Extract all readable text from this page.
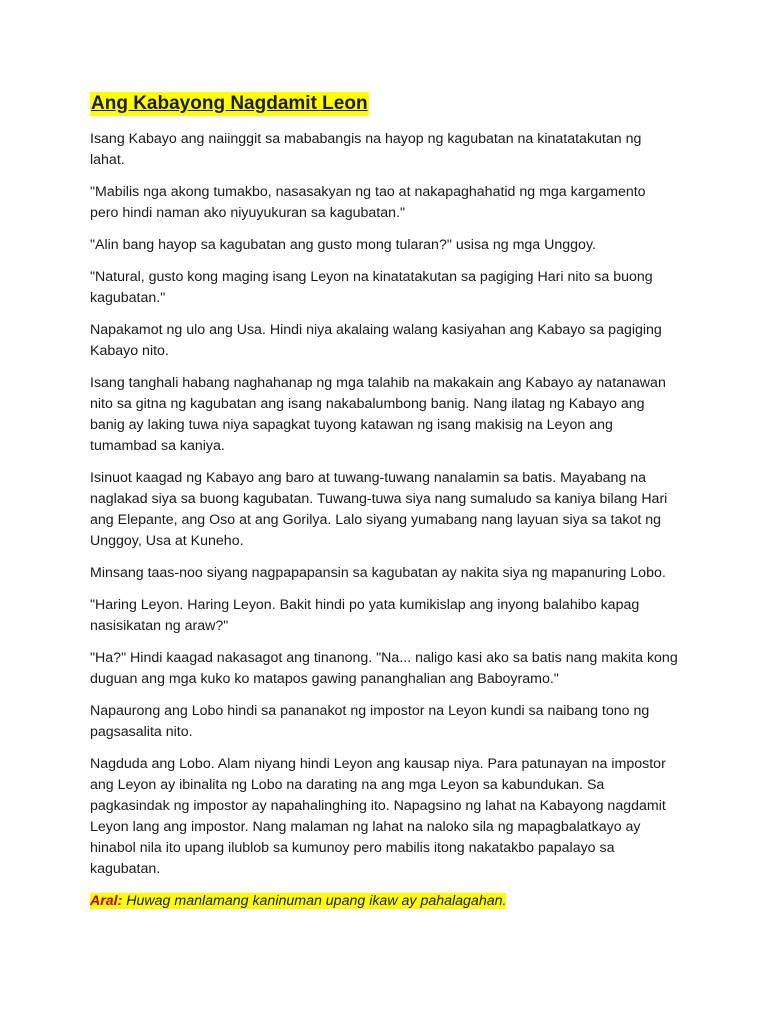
Ang Kabayong Nagdamit Leon
Isang Kabayo ang naiinggit sa mababangis na hayop ng kagubatan na kinatatakutan ng
lahat.
"Mabilis nga akong tumakbo, nasasakyan ng tao at nakapaghahatid ng mga kargamento
pero hindi naman ako niyuyukuran sa kagubatan."
"Alin bang hayop sa kagubatan ang gusto mong tularan?" usisa ng mga Unggoy.
"Natural, gusto kong maging isang Leyon na kinatatakutan sa pagiging Hari nito sa buong
kagubatan."
Napakamot ng ulo ang Usa. Hindi niya akalaing walang kasiyahan ang Kabayo sa pagiging
Kabayo nito.
Isang tanghali habang naghahanap ng mga talahib na makakain ang Kabayo ay natanawan
nito sa gitna ng kagubatan ang isang nakabalumbong banig. Nang ilatag ng Kabayo ang
banig ay laking tuwa niya sapagkat tuyong katawan ng isang makisig na Leyon ang
tumambad sa kaniya.
Isinuot kaagad ng Kabayo ang baro at tuwang-tuwang nanalamin sa batis. Mayabang na
naglakad siya sa buong kagubatan. Tuwang-tuwa siya nang sumaludo sa kaniya bilang Hari
ang Elepante, ang Oso at ang Gorilya. Lalo siyang yumabang nang layuan siya sa takot ng
Unggoy, Usa at Kuneho.
Minsang taas-noo siyang nagpapapansin sa kagubatan ay nakita siya ng mapanuring Lobo.
"Haring Leyon. Haring Leyon. Bakit hindi po yata kumikislap ang inyong balahibo kapag
nasisikatan ng araw?"
"Ha?" Hindi kaagad nakasagot ang tinanong. "Na... naligo kasi ako sa batis nang makita kong
duguan ang mga kuko ko matapos gawing pananghalian ang Baboyramo."
Napaurong ang Lobo hindi sa pananakot ng impostor na Leyon kundi sa naibang tono ng
pagsasalita nito.
Nagduda ang Lobo. Alam niyang hindi Leyon ang kausap niya. Para patunayan na impostor
ang Leyon ay ibinalita ng Lobo na darating na ang mga Leyon sa kabundukan. Sa
pagkasindak ng impostor ay napahalinghing ito. Napagsino ng lahat na Kabayong nagdamit
Leyon lang ang impostor. Nang malaman ng lahat na naloko sila ng mapagbalatkayo ay
hinabol nila ito upang ilublob sa kumunoy pero mabilis itong nakatakbo papalayo sa
kagubatan.
Aral: Huwag manlamang kaninuman upang ikaw ay pahalagahan.
